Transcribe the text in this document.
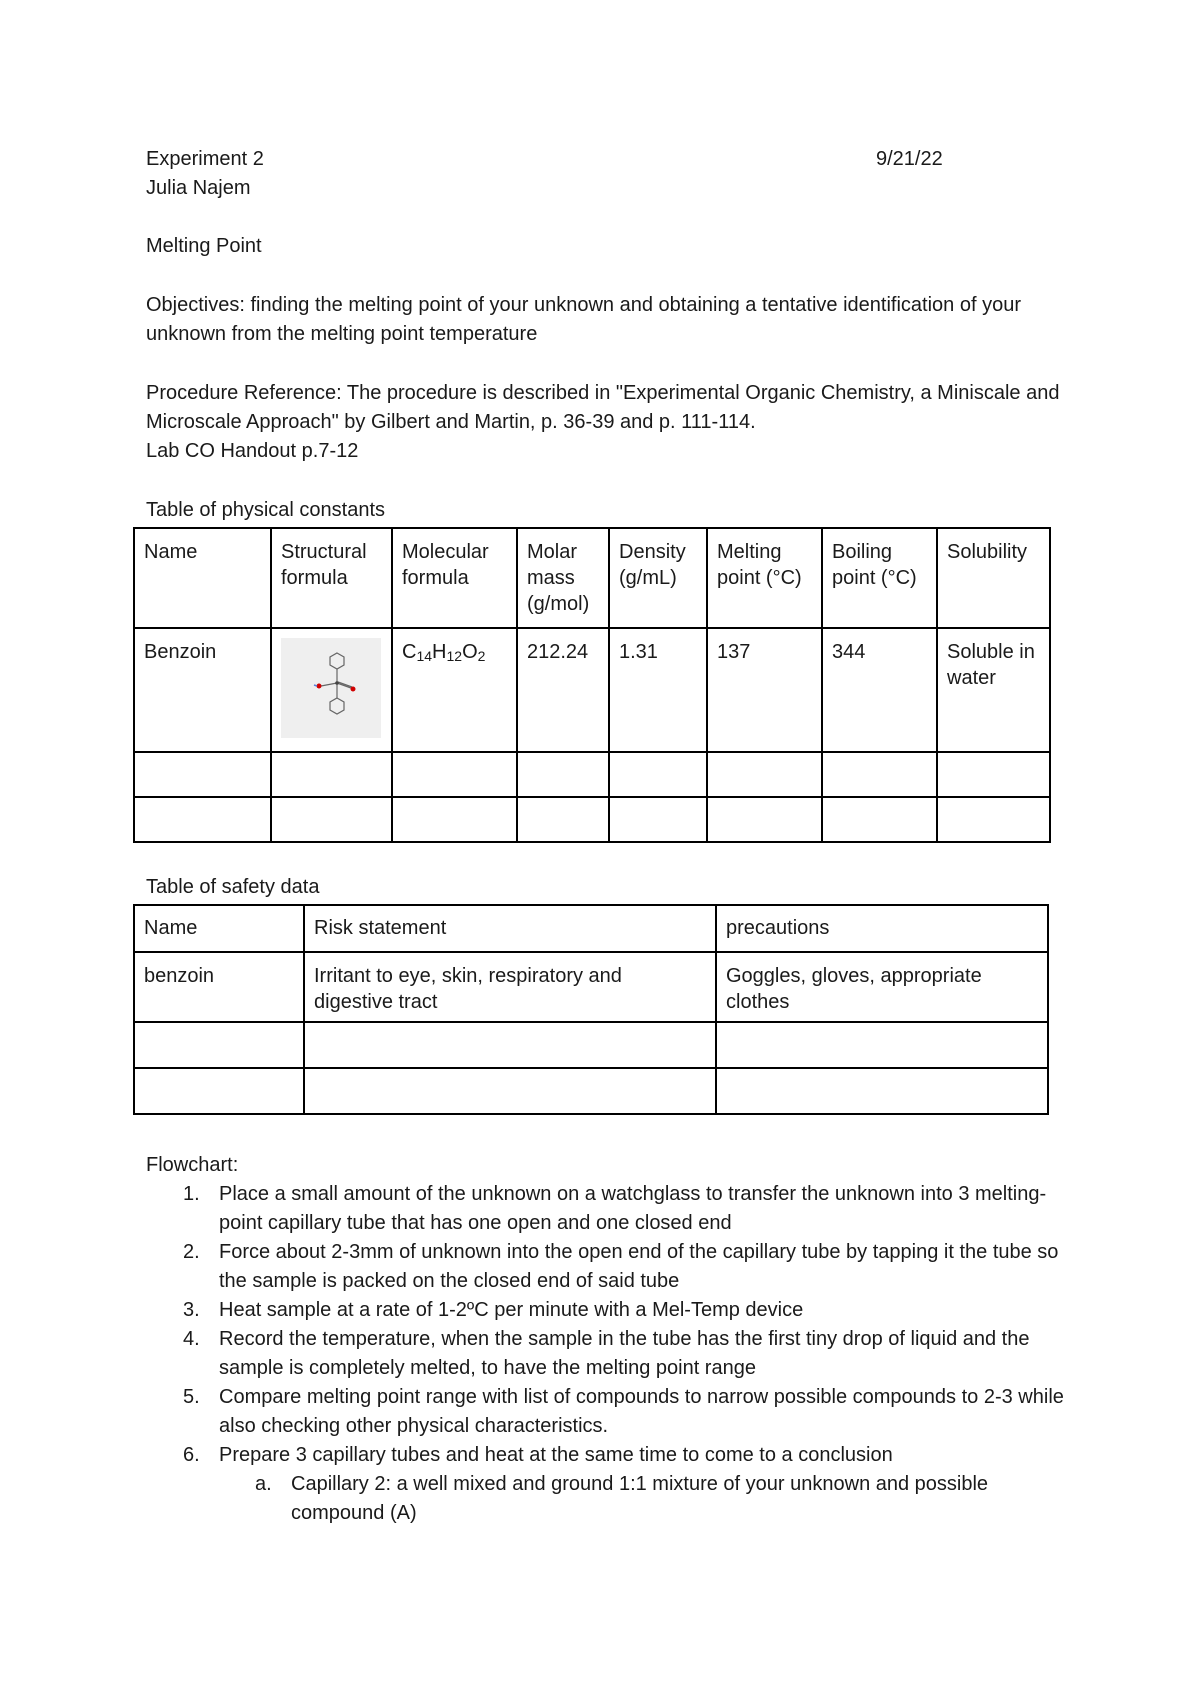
Experiment 2	9/21/22
Julia Najem
Melting Point
Objectives: finding the melting point of your unknown and obtaining a tentative identification of your unknown from the melting point temperature
Procedure Reference: The procedure is described in "Experimental Organic Chemistry, a Miniscale and Microscale Approach" by Gilbert and Martin, p. 36-39 and p. 111-114.
Lab CO Handout p.7-12
Table of physical constants
Name	Structural formula	Molecular formula	Molar mass (g/mol)	Density (g/mL)	Melting point (°C)	Boiling point (°C)	Solubility
Benzoin		$C_{14}H_{12}O_2$	212.24	1.31	137	344	Soluble in water

Table of safety data
Name	Risk statement	precautions
benzoin	Irritant to eye, skin, respiratory and digestive tract	Goggles, gloves, appropriate clothes

Flowchart:
1. Place a small amount of the unknown on a watchglass to transfer the unknown into 3 melting-point capillary tube that has one open and one closed end
2. Force about 2-3mm of unknown into the open end of the capillary tube by tapping it the tube so the sample is packed on the closed end of said tube
3. Heat sample at a rate of 1-2ºC per minute with a Mel-Temp device
4. Record the temperature, when the sample in the tube has the first tiny drop of liquid and the sample is completely melted, to have the melting point range
5. Compare melting point range with list of compounds to narrow possible compounds to 2-3 while also checking other physical characteristics.
6. Prepare 3 capillary tubes and heat at the same time to come to a conclusion
a. Capillary 2: a well mixed and ground 1:1 mixture of your unknown and possible compound (A)
